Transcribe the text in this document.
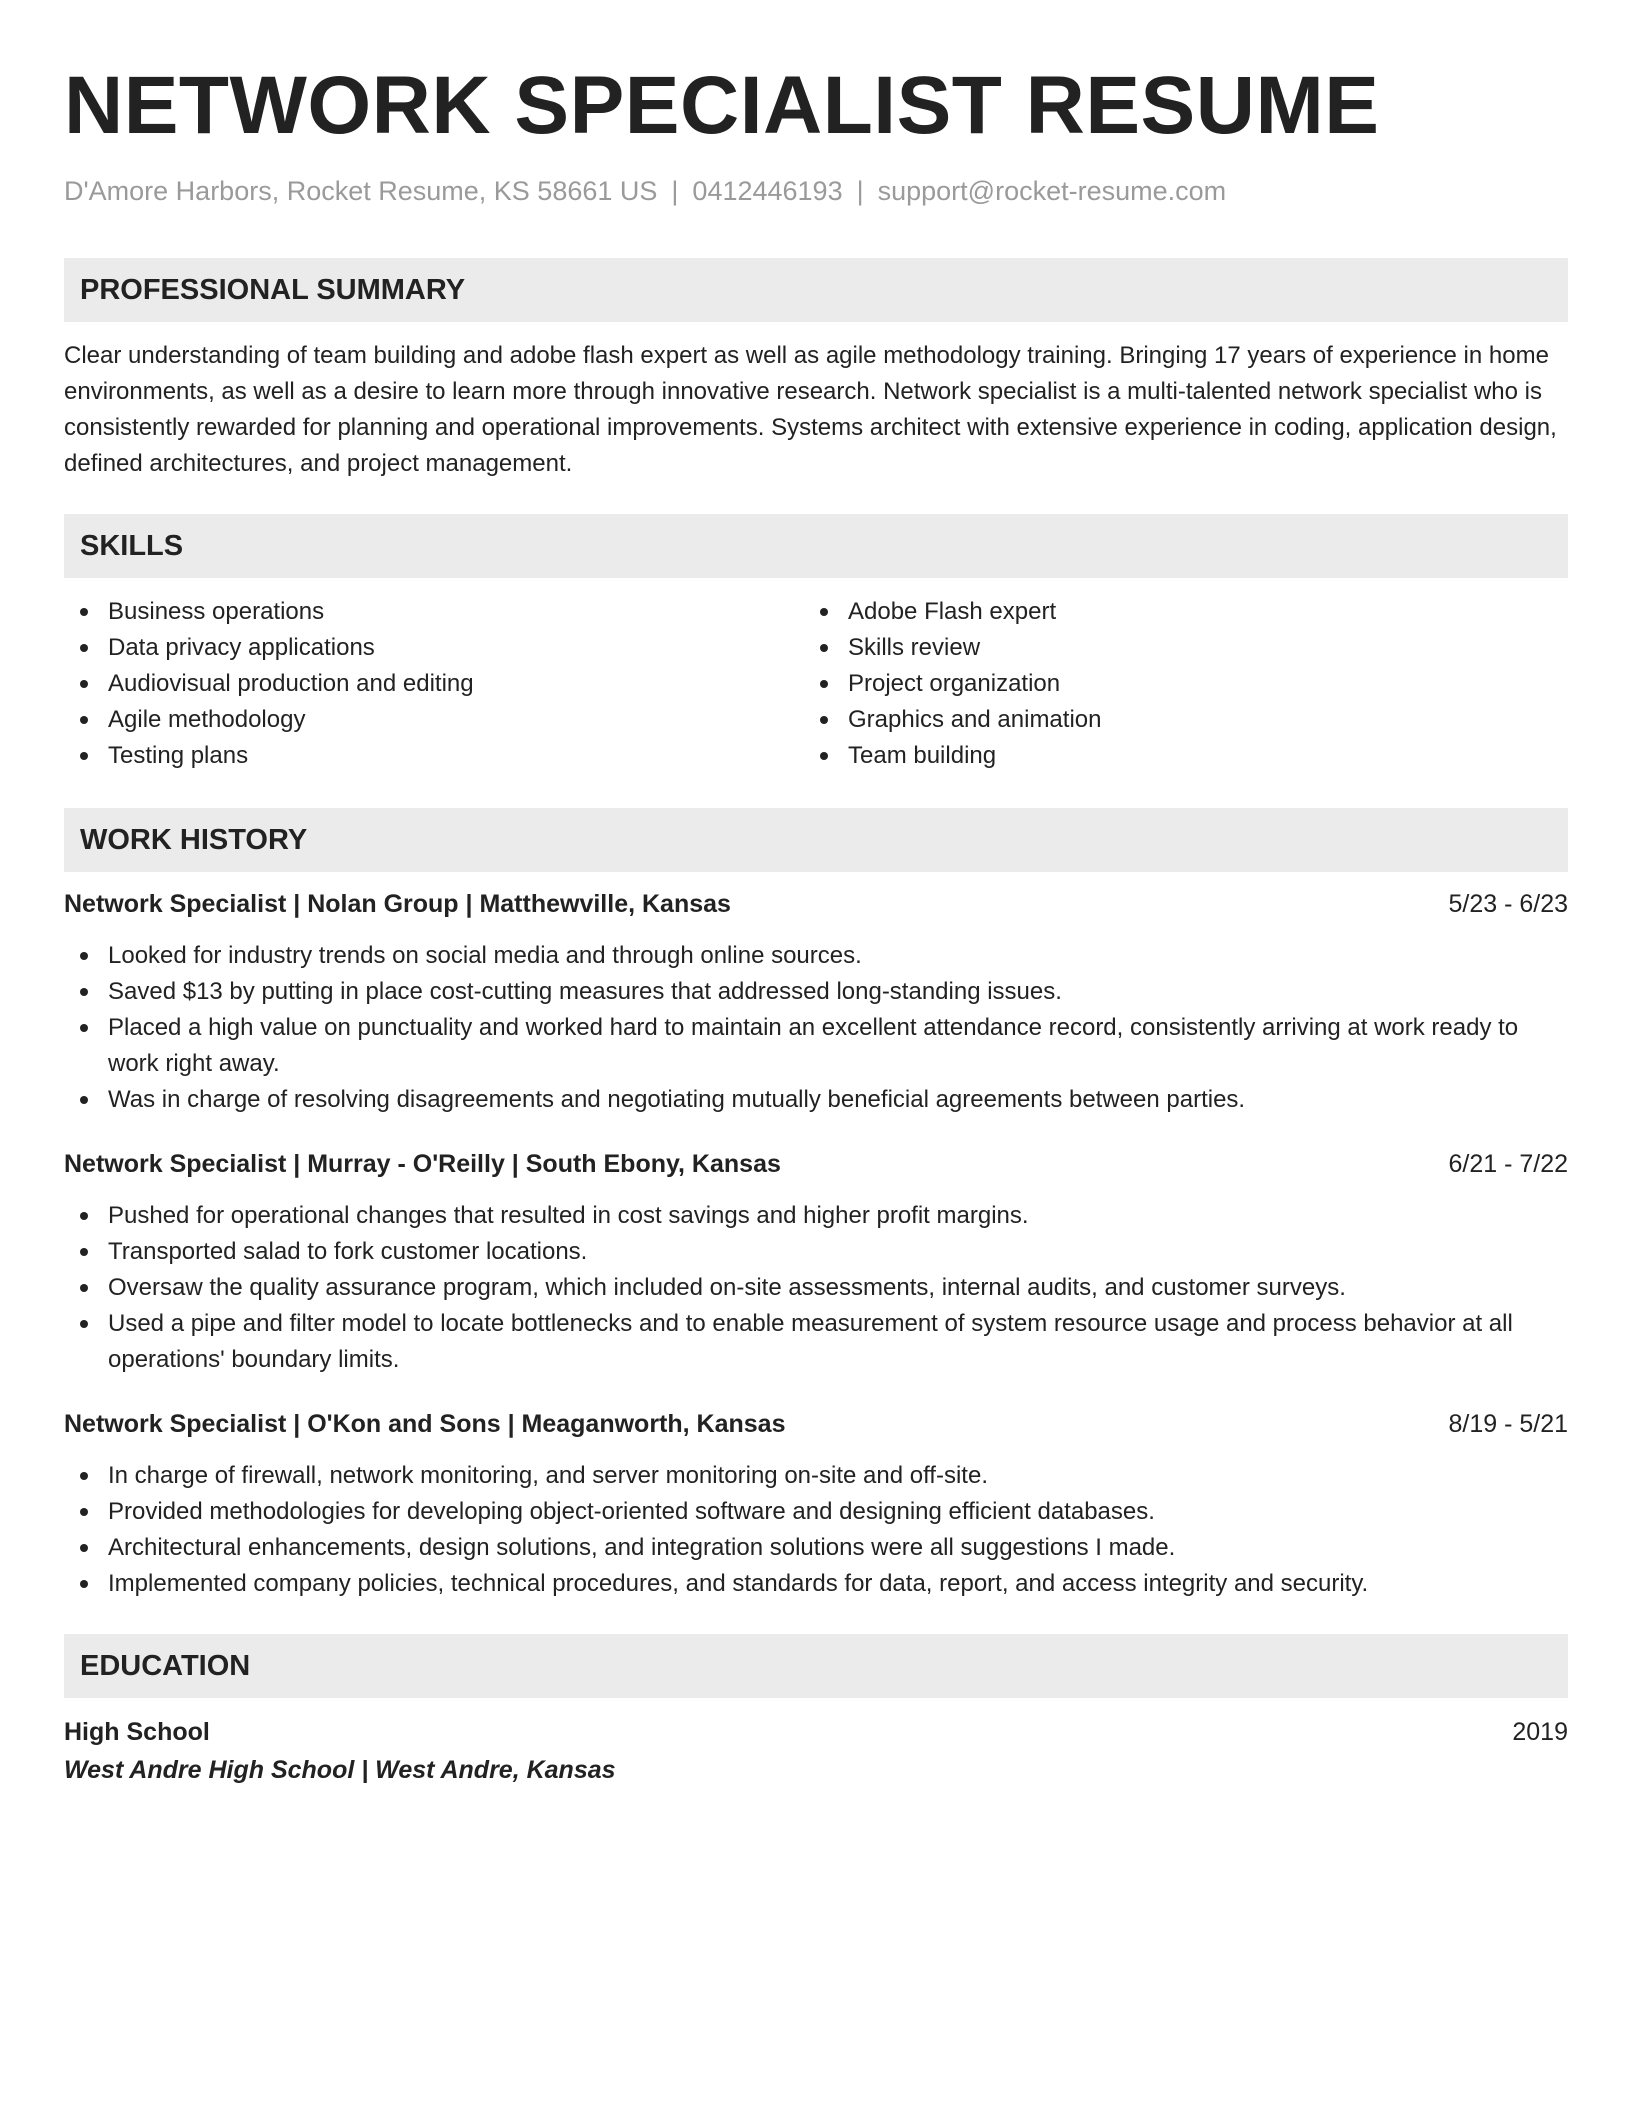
NETWORK SPECIALIST RESUME
D'Amore Harbors, Rocket Resume, KS 58661 US | 0412446193 | support@rocket-resume.com
PROFESSIONAL SUMMARY
Clear understanding of team building and adobe flash expert as well as agile methodology training. Bringing 17 years of experience in home environments, as well as a desire to learn more through innovative research. Network specialist is a multi-talented network specialist who is consistently rewarded for planning and operational improvements. Systems architect with extensive experience in coding, application design, defined architectures, and project management.
SKILLS
Business operations
Data privacy applications
Audiovisual production and editing
Agile methodology
Testing plans
Adobe Flash expert
Skills review
Project organization
Graphics and animation
Team building
WORK HISTORY
Network Specialist | Nolan Group | Matthewville, Kansas	5/23 - 6/23
Looked for industry trends on social media and through online sources.
Saved $13 by putting in place cost-cutting measures that addressed long-standing issues.
Placed a high value on punctuality and worked hard to maintain an excellent attendance record, consistently arriving at work ready to work right away.
Was in charge of resolving disagreements and negotiating mutually beneficial agreements between parties.
Network Specialist | Murray - O'Reilly | South Ebony, Kansas	6/21 - 7/22
Pushed for operational changes that resulted in cost savings and higher profit margins.
Transported salad to fork customer locations.
Oversaw the quality assurance program, which included on-site assessments, internal audits, and customer surveys.
Used a pipe and filter model to locate bottlenecks and to enable measurement of system resource usage and process behavior at all operations' boundary limits.
Network Specialist | O'Kon and Sons | Meaganworth, Kansas	8/19 - 5/21
In charge of firewall, network monitoring, and server monitoring on-site and off-site.
Provided methodologies for developing object-oriented software and designing efficient databases.
Architectural enhancements, design solutions, and integration solutions were all suggestions I made.
Implemented company policies, technical procedures, and standards for data, report, and access integrity and security.
EDUCATION
High School	2019
West Andre High School | West Andre, Kansas
